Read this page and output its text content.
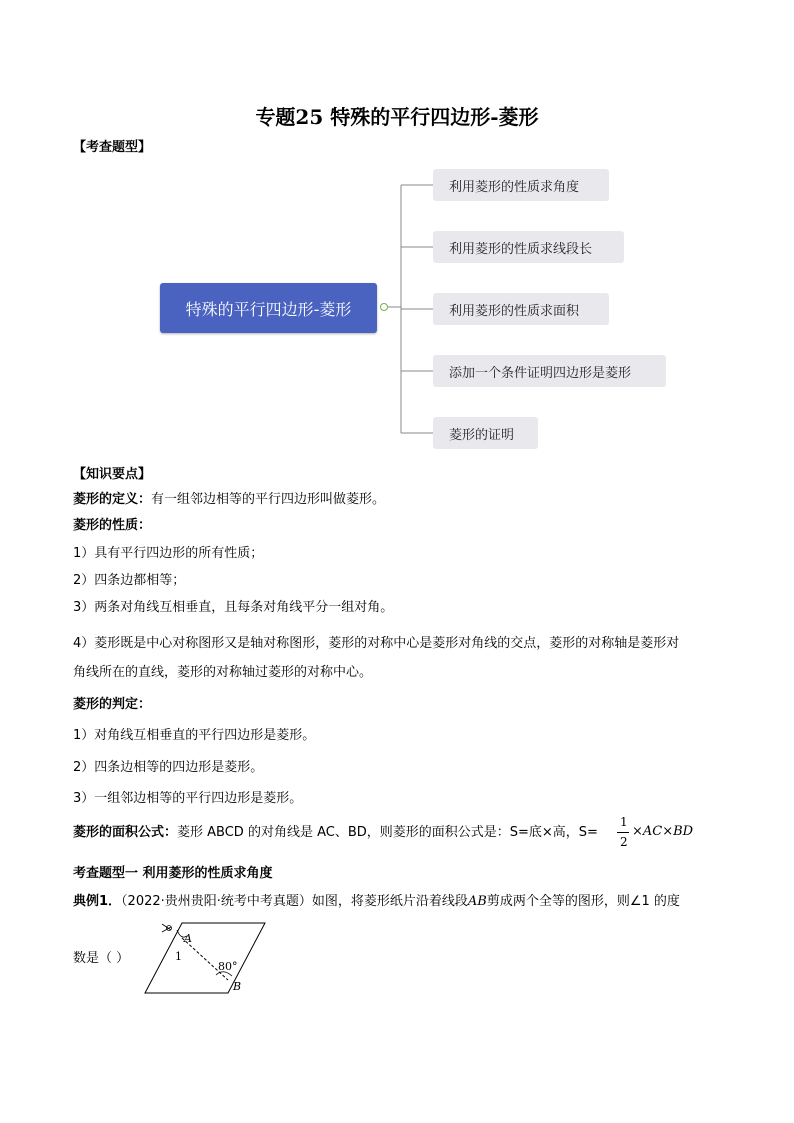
专题25 特殊的平行四边形-菱形
【考查题型】
特殊的平行四边形-菱形
利用菱形的性质求角度
利用菱形的性质求线段长
利用菱形的性质求面积
添加一个条件证明四边形是菱形
菱形的证明
【知识要点】
菱形的定义：有一组邻边相等的平行四边形叫做菱形。
菱形的性质：
1）具有平行四边形的所有性质；
2）四条边都相等；
3）两条对角线互相垂直，且每条对角线平分一组对角。
4）菱形既是中心对称图形又是轴对称图形，菱形的对称中心是菱形对角线的交点，菱形的对称轴是菱形对
角线所在的直线，菱形的对称轴过菱形的对称中心。
菱形的判定：
1）对角线互相垂直的平行四边形是菱形。
2）四条边相等的四边形是菱形。
3）一组邻边相等的平行四边形是菱形。
菱形的面积公式：菱形 ABCD 的对角线是 AC、BD，则菱形的面积公式是：S=底×高，S=
1
2
×AC×BD
考查题型一 利用菱形的性质求角度
典例1．（2022·贵州贵阳·统考中考真题）如图，将菱形纸片沿着线段AB剪成两个全等的图形，则∠1 的度
数是（ ）
A
1
80°
B
